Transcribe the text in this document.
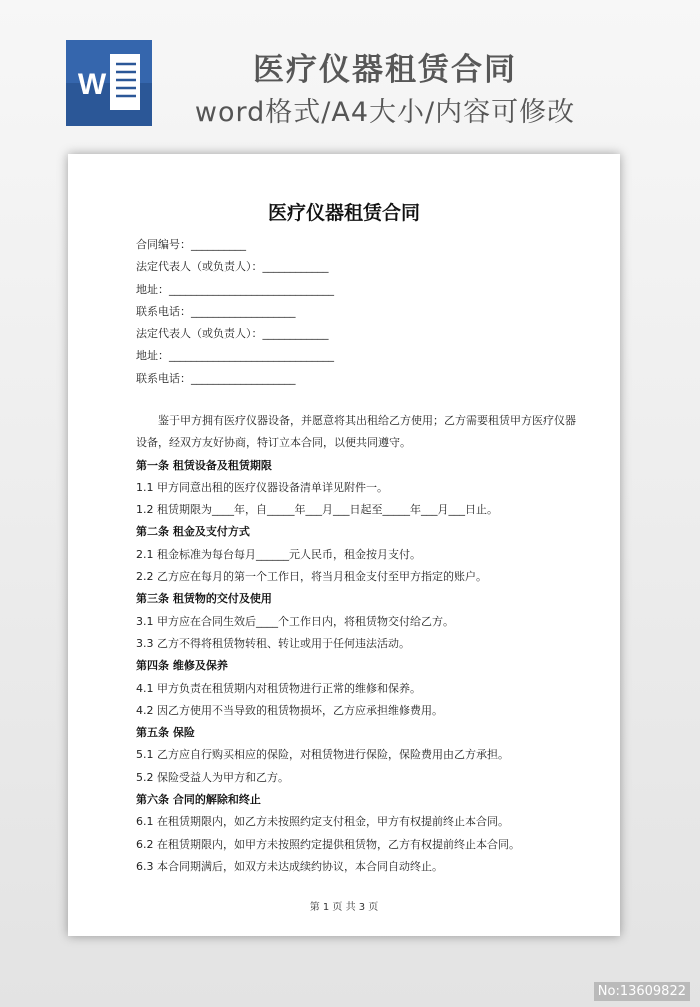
W	医疗仪器租赁合同
word格式/A4大小/内容可修改
医疗仪器租赁合同
合同编号：__________
法定代表人（或负责人）：____________
地址：______________________________
联系电话：___________________
法定代表人（或负责人）：____________
地址：______________________________
联系电话：___________________

鉴于甲方拥有医疗仪器设备，并愿意将其出租给乙方使用；乙方需要租赁甲方医疗仪器设备，经双方友好协商，特订立本合同，以便共同遵守。

第一条 租赁设备及租赁期限
1.1 甲方同意出租的医疗仪器设备清单详见附件一。
1.2 租赁期限为____年，自_____年___月___日起至_____年___月___日止。
第二条 租金及支付方式
2.1 租金标准为每台每月______元人民币，租金按月支付。
2.2 乙方应在每月的第一个工作日，将当月租金支付至甲方指定的账户。
第三条 租赁物的交付及使用
3.1 甲方应在合同生效后____个工作日内，将租赁物交付给乙方。
3.3 乙方不得将租赁物转租、转让或用于任何违法活动。
第四条 维修及保养
4.1 甲方负责在租赁期内对租赁物进行正常的维修和保养。
4.2 因乙方使用不当导致的租赁物损坏，乙方应承担维修费用。
第五条 保险
5.1 乙方应自行购买相应的保险，对租赁物进行保险，保险费用由乙方承担。
5.2 保险受益人为甲方和乙方。
第六条 合同的解除和终止
6.1 在租赁期限内，如乙方未按照约定支付租金，甲方有权提前终止本合同。
6.2 在租赁期限内，如甲方未按照约定提供租赁物，乙方有权提前终止本合同。
6.3 本合同期满后，如双方未达成续约协议，本合同自动终止。
第 1 页 共 3 页
No:13609822
